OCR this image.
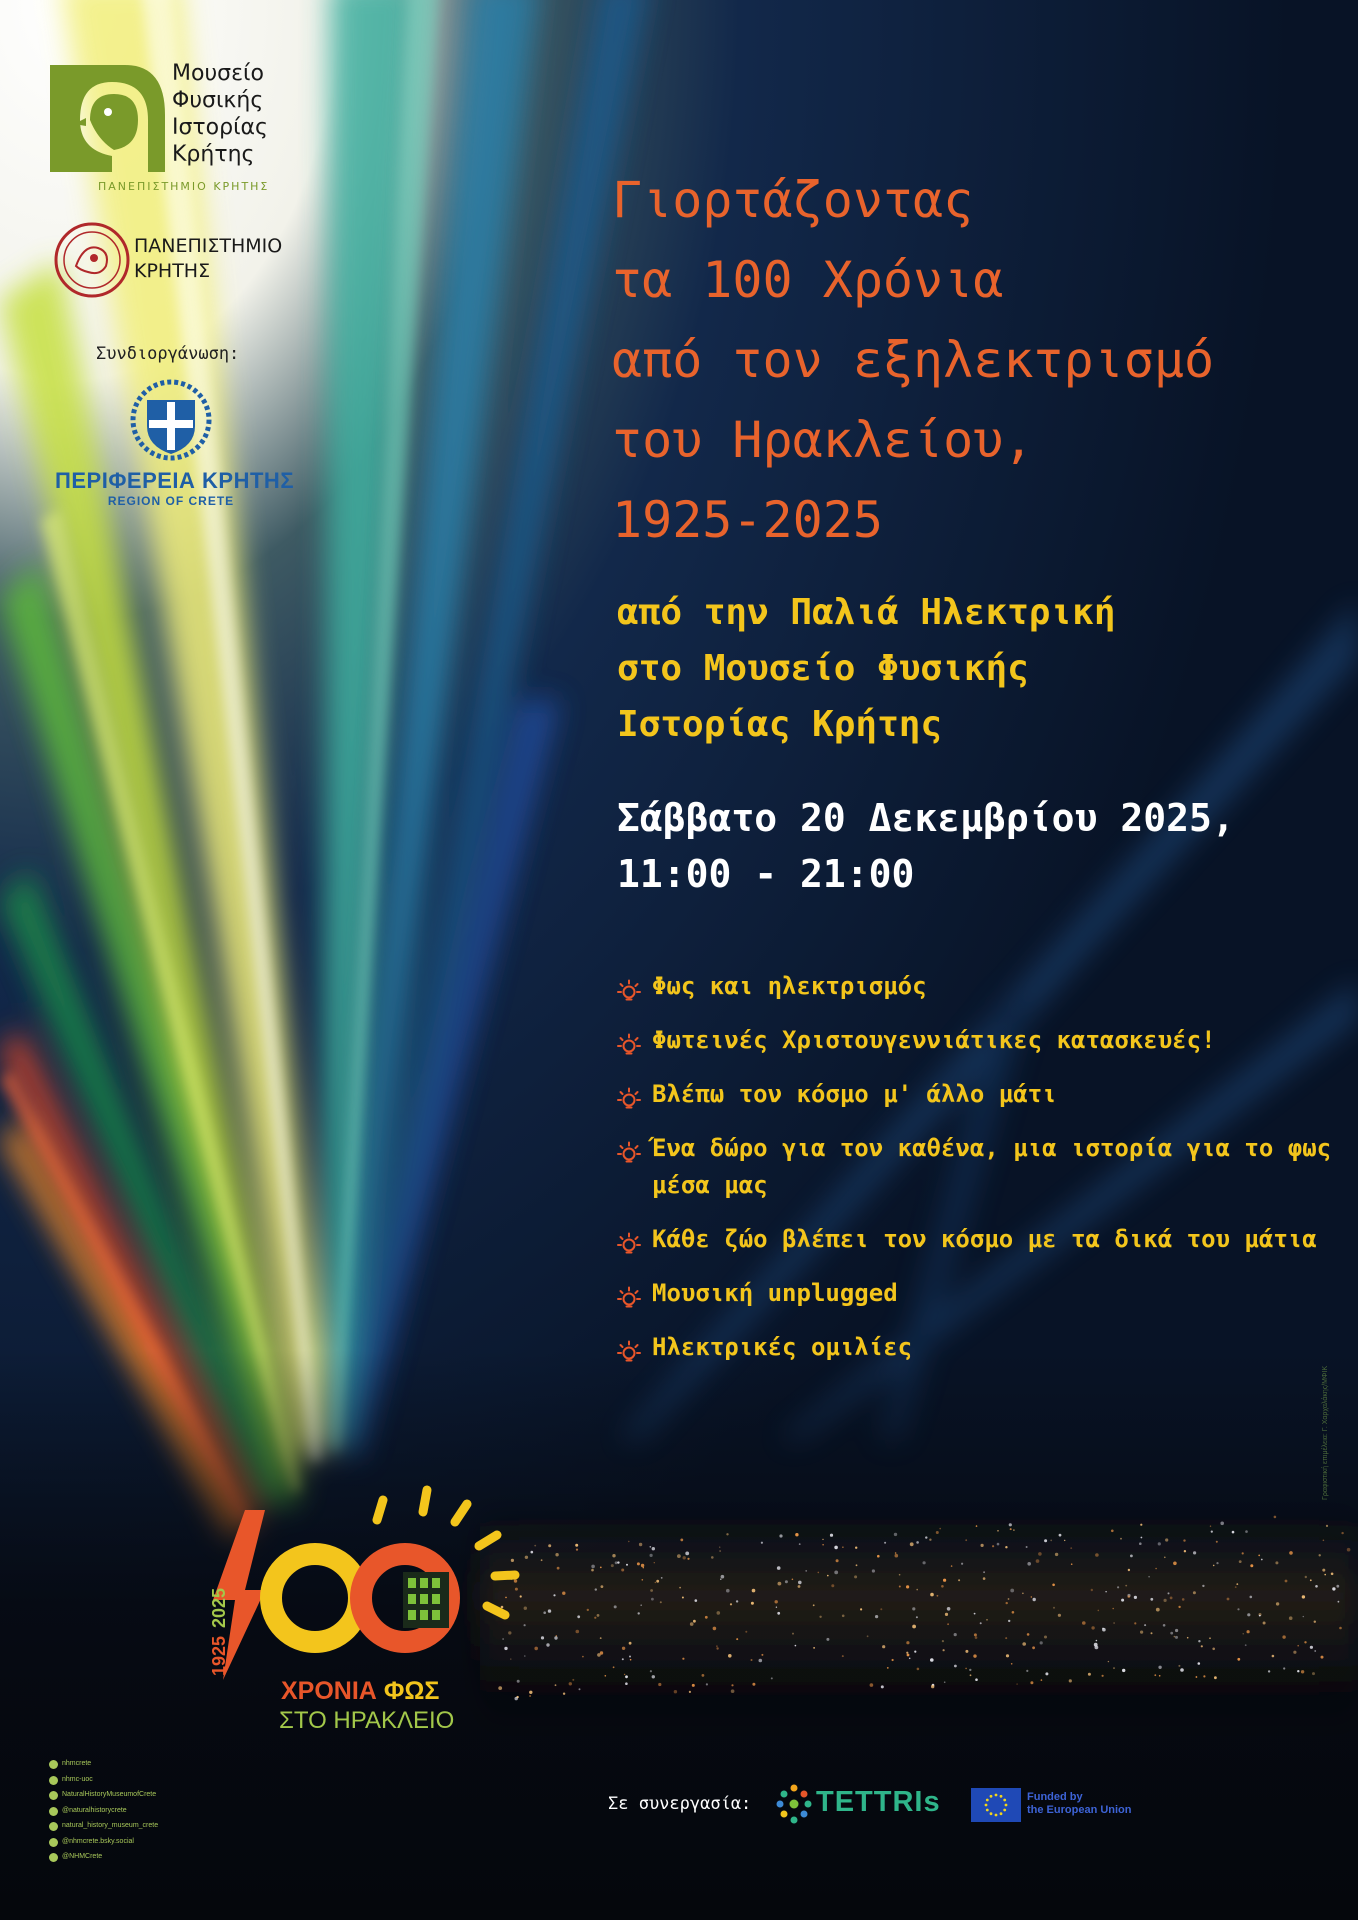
Μουσείο
Φυσικής
Ιστορίας
Κρήτης
ΠΑΝΕΠΙΣΤΗΜΙΟ ΚΡΗΤΗΣ
ΠΑΝΕΠΙΣΤΗΜΙΟ
ΚΡΗΤΗΣ
Συνδιοργάνωση:
ΠΕΡΙΦΕΡΕΙΑ ΚΡΗΤΗΣ
REGION OF CRETE
Γιορτάζοντας
τα 100 Χρόνια
από τον εξηλεκτρισμό
του Ηρακλείου,
1925-2025
από την Παλιά Ηλεκτρική
στο Μουσείο Φυσικής
Ιστορίας Κρήτης
Σάββατο 20 Δεκεμβρίου 2025,
11:00 - 21:00
Φως και ηλεκτρισμός
Φωτεινές Χριστουγεννιάτικες κατασκευές!
Βλέπω τον κόσμο μ' άλλο μάτι
Ένα δώρο για τον καθένα, μια ιστορία για το φως μέσα μας
Κάθε ζώο βλέπει τον κόσμο με τα δικά του μάτια
Μουσική unplugged
Ηλεκτρικές ομιλίες
1925
2025
ΧΡΟΝΙΑ ΦΩΣ
ΣΤΟ ΗΡΑΚΛΕΙΟ
nhmcrete
nhmc-uoc
NaturalHistoryMuseumofCrete
@naturalhistorycrete
natural_history_museum_crete
@nhmcrete.bsky.social
@NHMCrete
Σε συνεργασία: TETTRIs	Funded by
the European Union
Γραφιστική επιμέλεια: Γ. Χαρχαλάκης/ΜΦΙΚ
